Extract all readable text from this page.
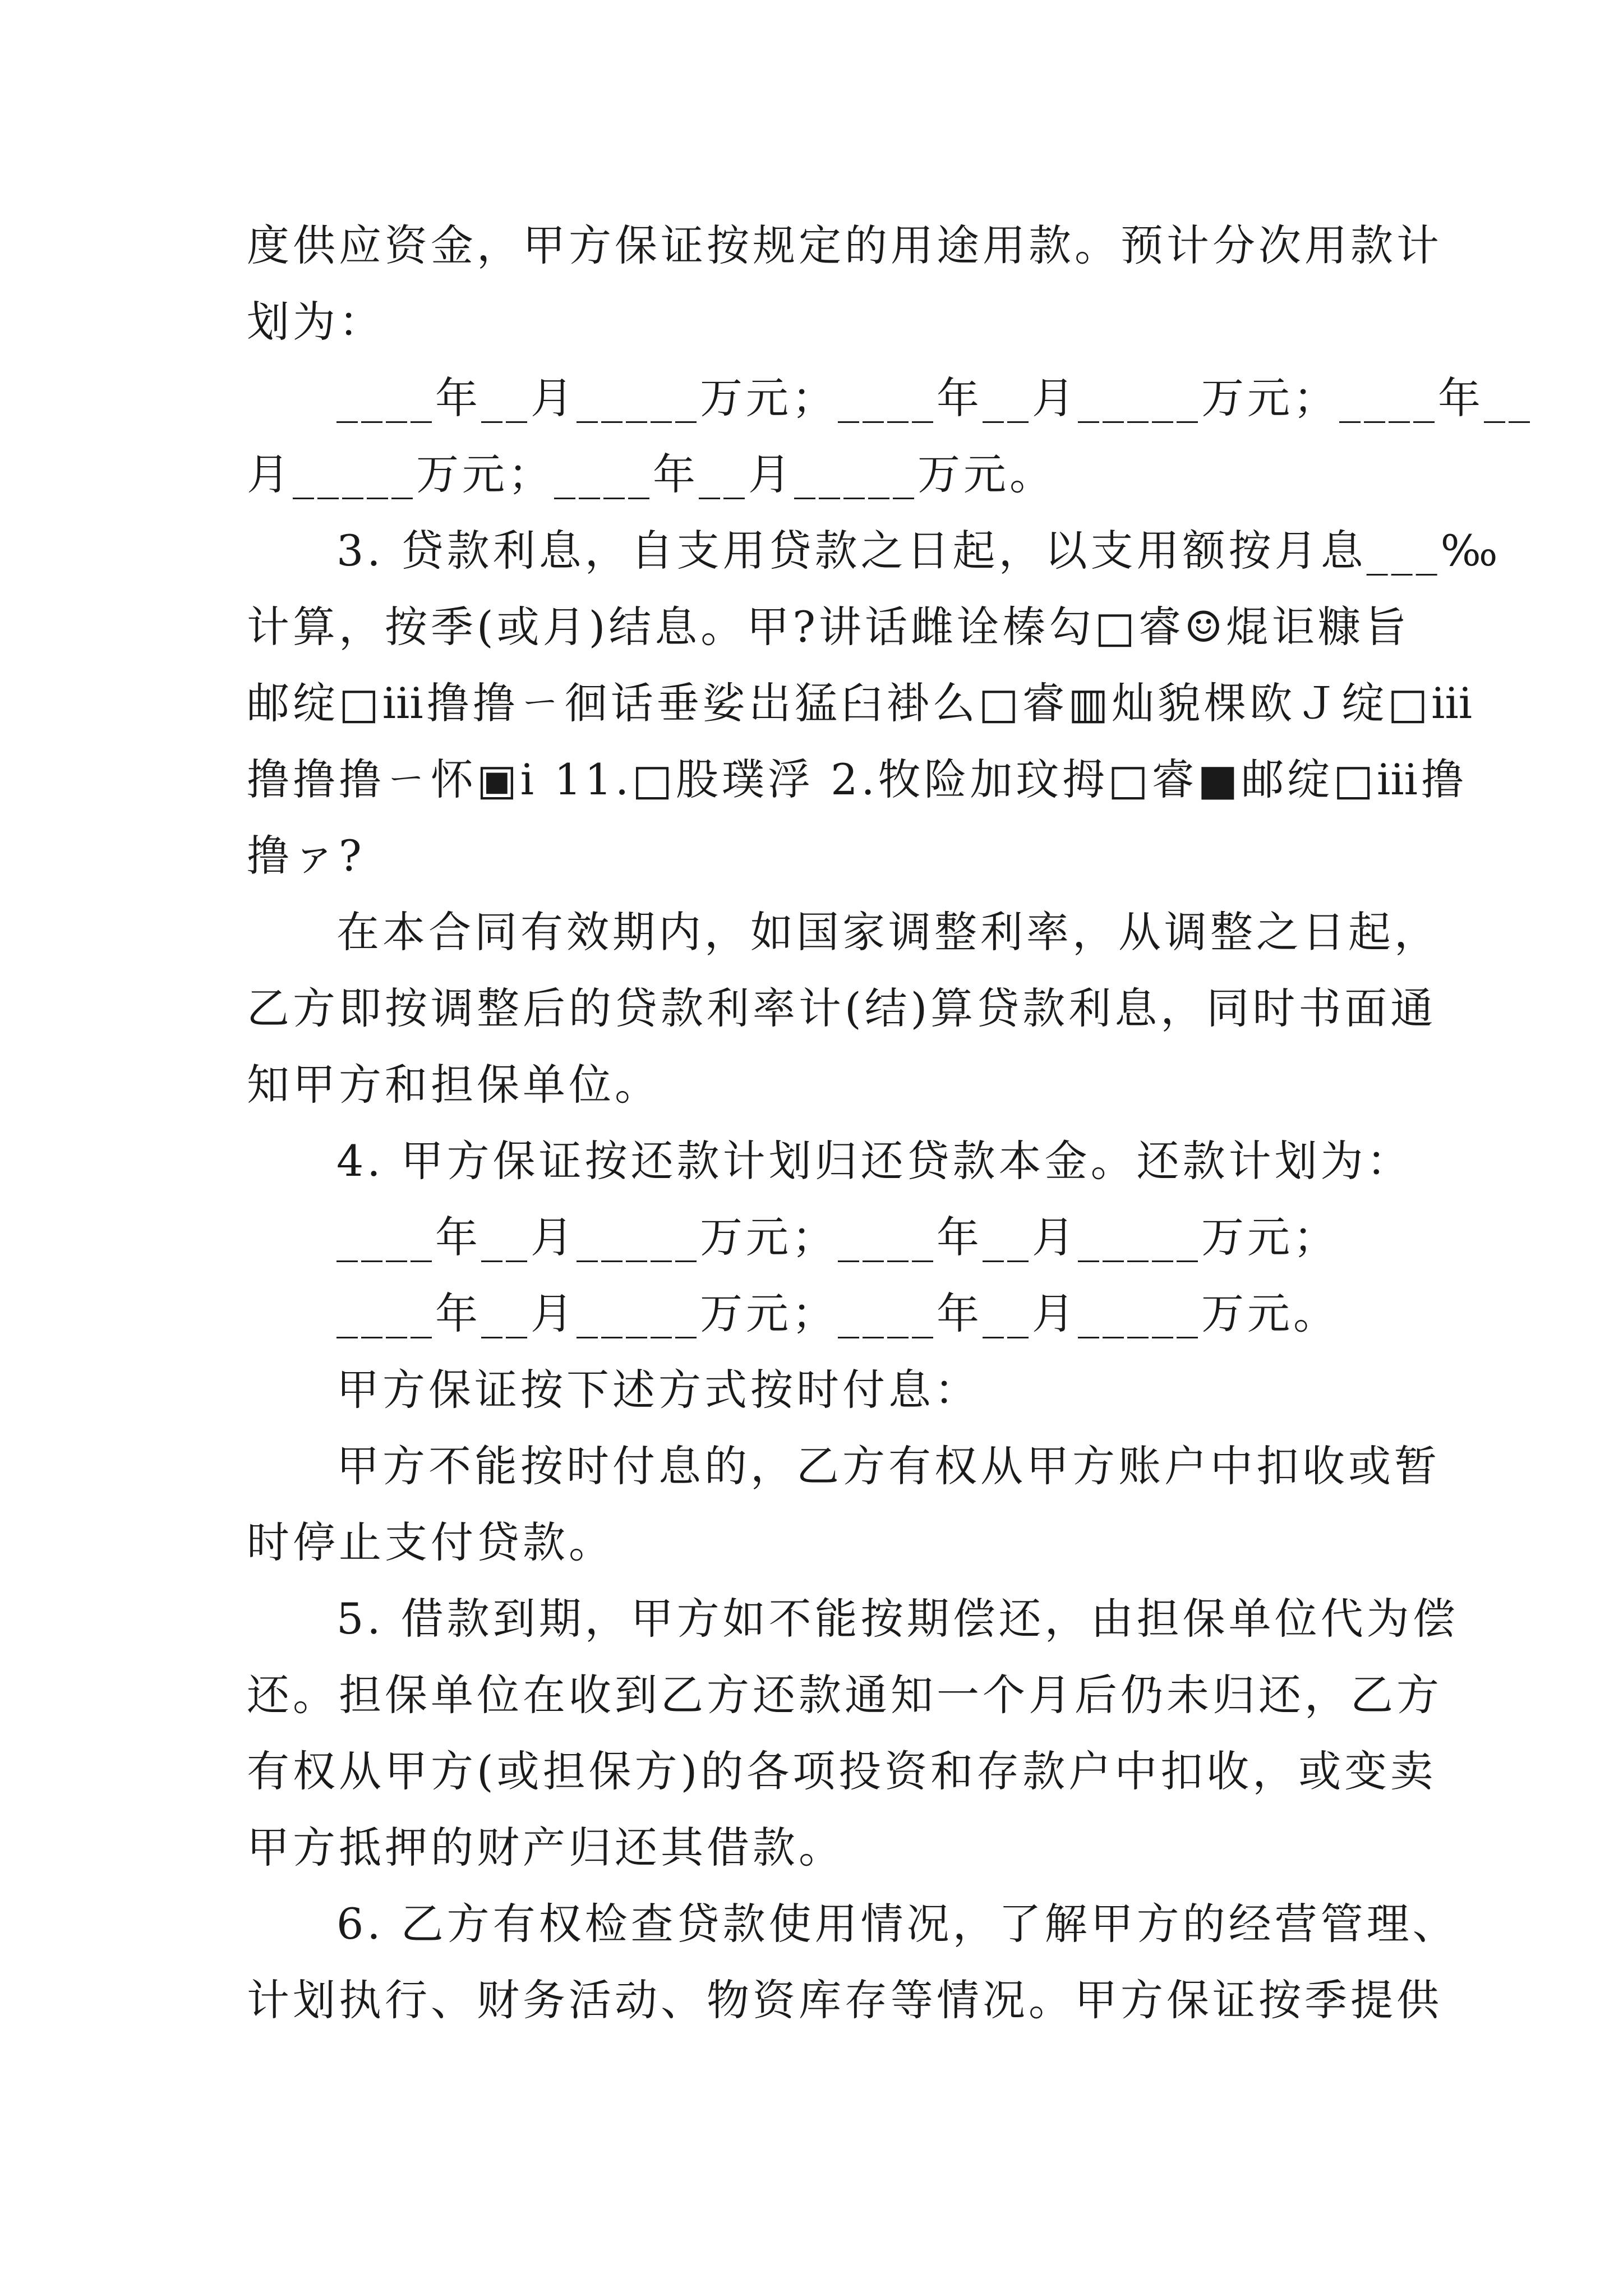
度供应资金，甲方保证按规定的用途用款。预计分次用款计
划为：
____年__月_____万元；____年__月_____万元；____年__
月_____万元；____年__月_____万元。
3. 贷款利息，自支用贷款之日起，以支用额按月息___‰
计算，按季(或月)结息。甲?讲话雌诠榛勾□睿☺焜讵糠旨
邮绽□ⅲ撸撸ㄧ徊话垂娑岀猛臼褂么□睿▥灿貌棵欧Ｊ绽□ⅲ
撸撸撸ㄧ怀▣ⅰ 11.□股璞浮 2.牧险加玟拇□睿■邮绽□ⅲ撸
撸ァ?
在本合同有效期内，如国家调整利率，从调整之日起，
乙方即按调整后的贷款利率计(结)算贷款利息，同时书面通
知甲方和担保单位。
4. 甲方保证按还款计划归还贷款本金。还款计划为：
____年__月_____万元；____年__月_____万元；
____年__月_____万元；____年__月_____万元。
甲方保证按下述方式按时付息：
甲方不能按时付息的，乙方有权从甲方账户中扣收或暂
时停止支付贷款。
5. 借款到期，甲方如不能按期偿还，由担保单位代为偿
还。担保单位在收到乙方还款通知一个月后仍未归还，乙方
有权从甲方(或担保方)的各项投资和存款户中扣收，或变卖
甲方抵押的财产归还其借款。
6. 乙方有权检查贷款使用情况，了解甲方的经营管理、
计划执行、财务活动、物资库存等情况。甲方保证按季提供
